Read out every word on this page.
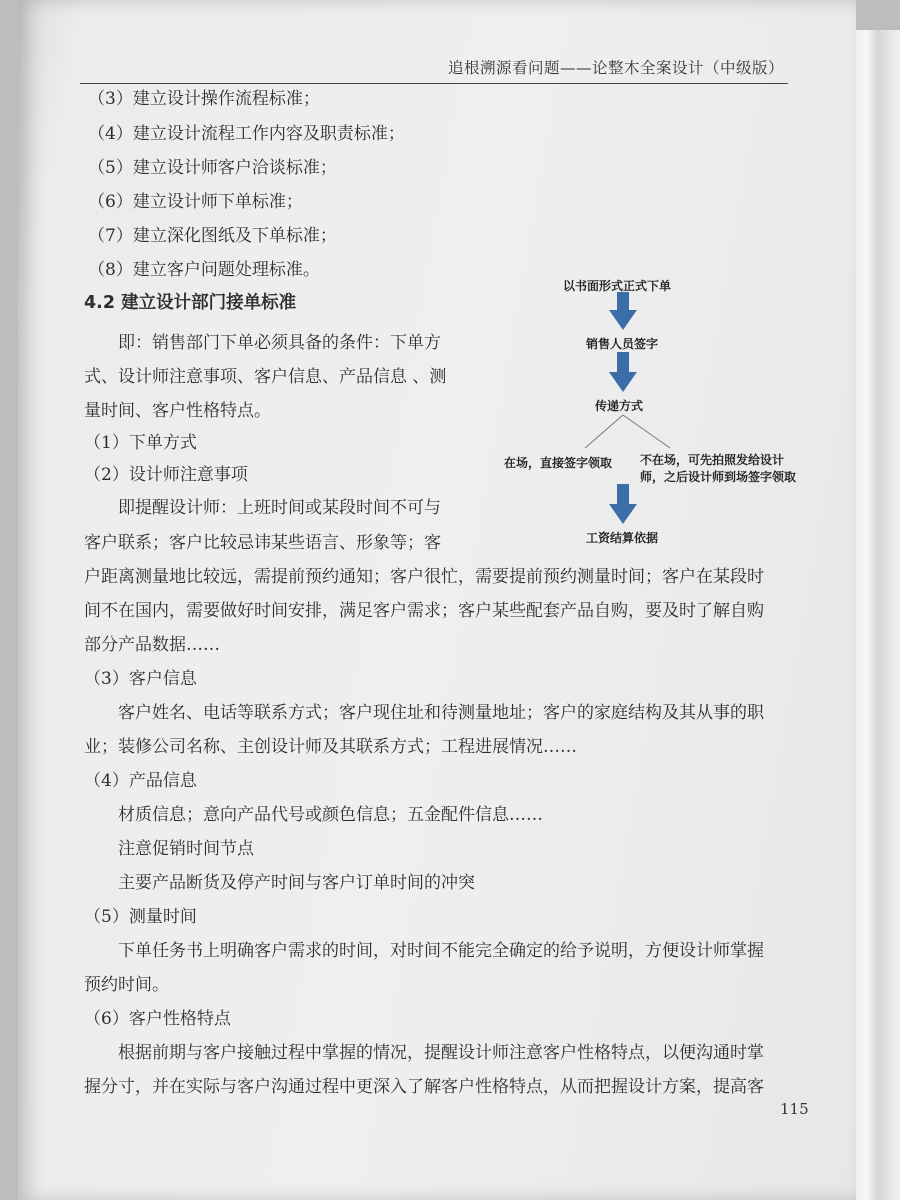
追根溯源看问题——论整木全案设计（中级版）
（3）建立设计操作流程标准；
（4）建立设计流程工作内容及职责标准；
（5）建立设计师客户洽谈标准；
（6）建立设计师下单标准；
（7）建立深化图纸及下单标准；
（8）建立客户问题处理标准。
4.2 建立设计部门接单标准
即：销售部门下单必须具备的条件：下单方
式、设计师注意事项、客户信息、产品信息 、测
量时间、客户性格特点。
（1）下单方式
（2）设计师注意事项
即提醒设计师：上班时间或某段时间不可与
客户联系；客户比较忌讳某些语言、形象等；客
户距离测量地比较远，需提前预约通知；客户很忙，需要提前预约测量时间；客户在某段时
间不在国内，需要做好时间安排，满足客户需求；客户某些配套产品自购，要及时了解自购
部分产品数据……
（3）客户信息
客户姓名、电话等联系方式；客户现住址和待测量地址；客户的家庭结构及其从事的职
业；装修公司名称、主创设计师及其联系方式；工程进展情况……
（4）产品信息
材质信息；意向产品代号或颜色信息；五金配件信息……
注意促销时间节点
主要产品断货及停产时间与客户订单时间的冲突
（5）测量时间
下单任务书上明确客户需求的时间，对时间不能完全确定的给予说明，方便设计师掌握
预约时间。
（6）客户性格特点
根据前期与客户接触过程中掌握的情况，提醒设计师注意客户性格特点，以便沟通时掌
握分寸，并在实际与客户沟通过程中更深入了解客户性格特点，从而把握设计方案，提高客
115
以书面形式正式下单
销售人员签字
传递方式
在场，直接签字领取 不在场，可先拍照发给设计
师，之后设计师到场签字领取
工资结算依据
